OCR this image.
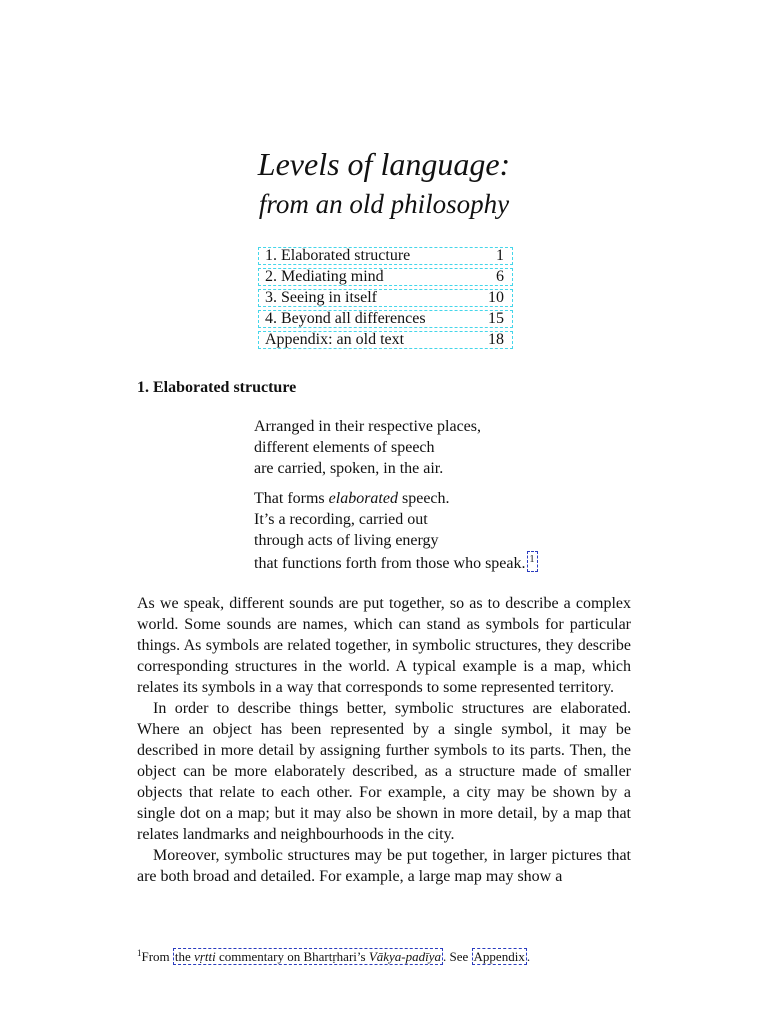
Levels of language:
from an old philosophy
1. Elaborated structure	1
2. Mediating mind	6
3. Seeing in itself	10
4. Beyond all differences	15
Appendix: an old text	18
1. Elaborated structure
Arranged in their respective places,
different elements of speech
are carried, spoken, in the air.
That forms elaborated speech.
It’s a recording, carried out
through acts of living energy
that functions forth from those who speak. 1

As we speak, different sounds are put together, so as to describe a complex world. Some sounds are names, which can stand as symbols for particular things. As symbols are related together, in symbolic structures, they describe corresponding structures in the world. A typical example is a map, which relates its symbols in a way that corresponds to some represented territory.

In order to describe things better, symbolic structures are elaborated. Where an object has been represented by a single symbol, it may be described in more detail by assigning further symbols to its parts. Then, the object can be more elaborately described, as a structure made of smaller objects that relate to each other. For example, a city may be shown by a single dot on a map; but it may also be shown in more detail, by a map that relates landmarks and neighbourhoods in the city.

Moreover, symbolic structures may be put together, in larger pictures that are both broad and detailed. For example, a large map may show a

$^1$From the vṛtti commentary on Bhartṛhari’s Vākya-padīya . See Appendix .
